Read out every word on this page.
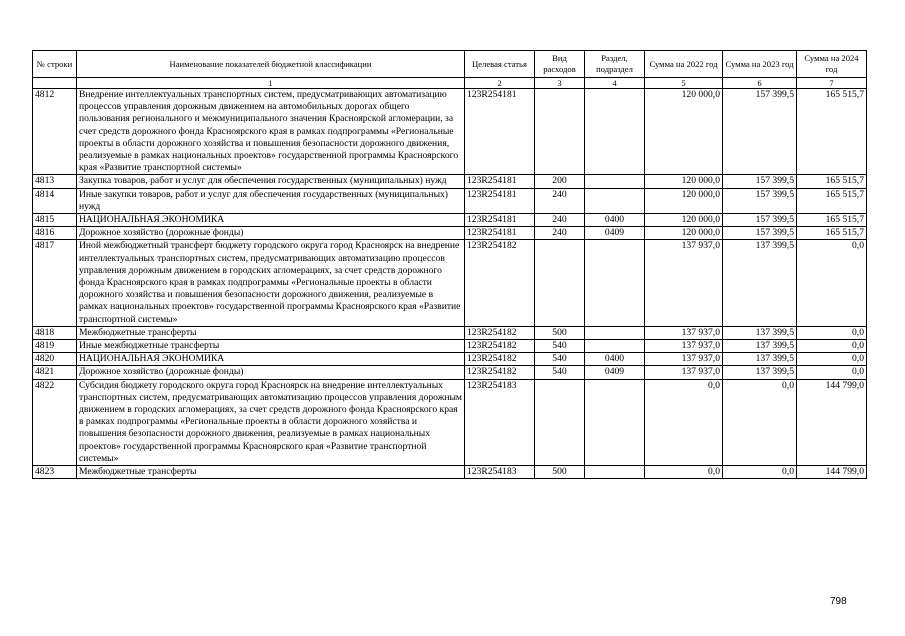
№ строки	Наименование показателей бюджетной классификации	Целевая статья	Вид расходов	Раздел, подраздел	Сумма на 2022 год	Сумма на 2023 год	Сумма на 2024 год
	1	2	3	4	5	6	7
4812	Внедрение интеллектуальных транспортных систем, предусматривающих автоматизацию процессов управления дорожным движением на автомобильных дорогах общего пользования регионального и межмуниципального значения Красноярской агломерации, за счет средств дорожного фонда Красноярского края в рамках подпрограммы «Региональные проекты в области дорожного хозяйства и повышения безопасности дорожного движения, реализуемые в рамках национальных проектов» государственной программы Красноярского края «Развитие транспортной системы»	123R254181			120 000,0	157 399,5	165 515,7
4813	Закупка товаров, работ и услуг для обеспечения государственных (муниципальных) нужд	123R254181	200		120 000,0	157 399,5	165 515,7
4814	Иные закупки товаров, работ и услуг для обеспечения государственных (муниципальных) нужд	123R254181	240		120 000,0	157 399,5	165 515,7
4815	НАЦИОНАЛЬНАЯ ЭКОНОМИКА	123R254181	240	0400	120 000,0	157 399,5	165 515,7
4816	Дорожное хозяйство (дорожные фонды)	123R254181	240	0409	120 000,0	157 399,5	165 515,7
4817	Иной межбюджетный трансферт бюджету городского округа город Красноярск на внедрение интеллектуальных транспортных систем, предусматривающих автоматизацию процессов управления дорожным движением в городских агломерациях, за счет средств дорожного фонда Красноярского края в рамках подпрограммы «Региональные проекты в области дорожного хозяйства и повышения безопасности дорожного движения, реализуемые в рамках национальных проектов» государственной программы Красноярского края «Развитие транспортной системы»	123R254182			137 937,0	137 399,5	0,0
4818	Межбюджетные трансферты	123R254182	500		137 937,0	137 399,5	0,0
4819	Иные межбюджетные трансферты	123R254182	540		137 937,0	137 399,5	0,0
4820	НАЦИОНАЛЬНАЯ ЭКОНОМИКА	123R254182	540	0400	137 937,0	137 399,5	0,0
4821	Дорожное хозяйство (дорожные фонды)	123R254182	540	0409	137 937,0	137 399,5	0,0
4822	Субсидия бюджету городского округа город Красноярск на внедрение интеллектуальных транспортных систем, предусматривающих автоматизацию процессов управления дорожным движением в городских агломерациях, за счет средств дорожного фонда Красноярского края в рамках подпрограммы «Региональные проекты в области дорожного хозяйства и повышения безопасности дорожного движения, реализуемые в рамках национальных проектов» государственной программы Красноярского края «Развитие транспортной системы»	123R254183			0,0	0,0	144 799,0
4823	Межбюджетные трансферты	123R254183	500		0,0	0,0	144 799,0
798
